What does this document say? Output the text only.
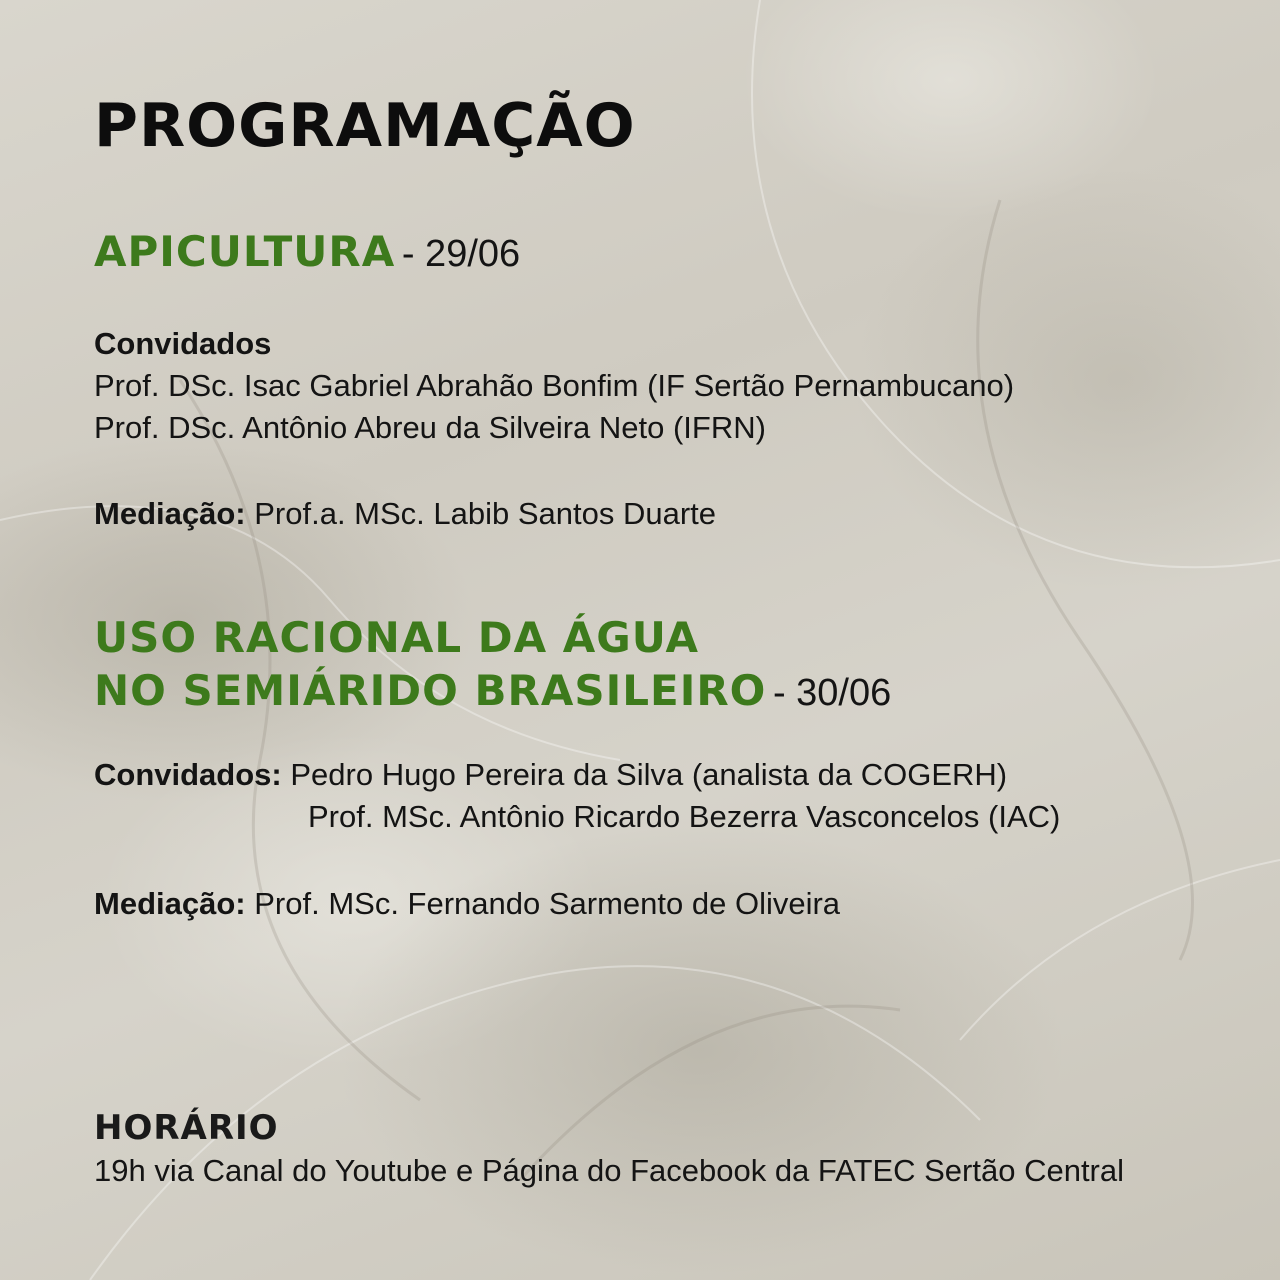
PROGRAMAÇÃO
APICULTURA - 29/06

Convidados
Prof. DSc. Isac Gabriel Abrahão Bonfim (IF Sertão Pernambucano)
Prof. DSc. Antônio Abreu da Silveira Neto (IFRN)

Mediação: Prof.a. MSc. Labib Santos Duarte

USO RACIONAL DA ÁGUA
NO SEMIÁRIDO BRASILEIRO - 30/06

Convidados: Pedro Hugo Pereira da Silva (analista da COGERH)
Prof. MSc. Antônio Ricardo Bezerra Vasconcelos (IAC)

Mediação: Prof. MSc. Fernando Sarmento de Oliveira

HORÁRIO

19h via Canal do Youtube e Página do Facebook da FATEC Sertão Central
